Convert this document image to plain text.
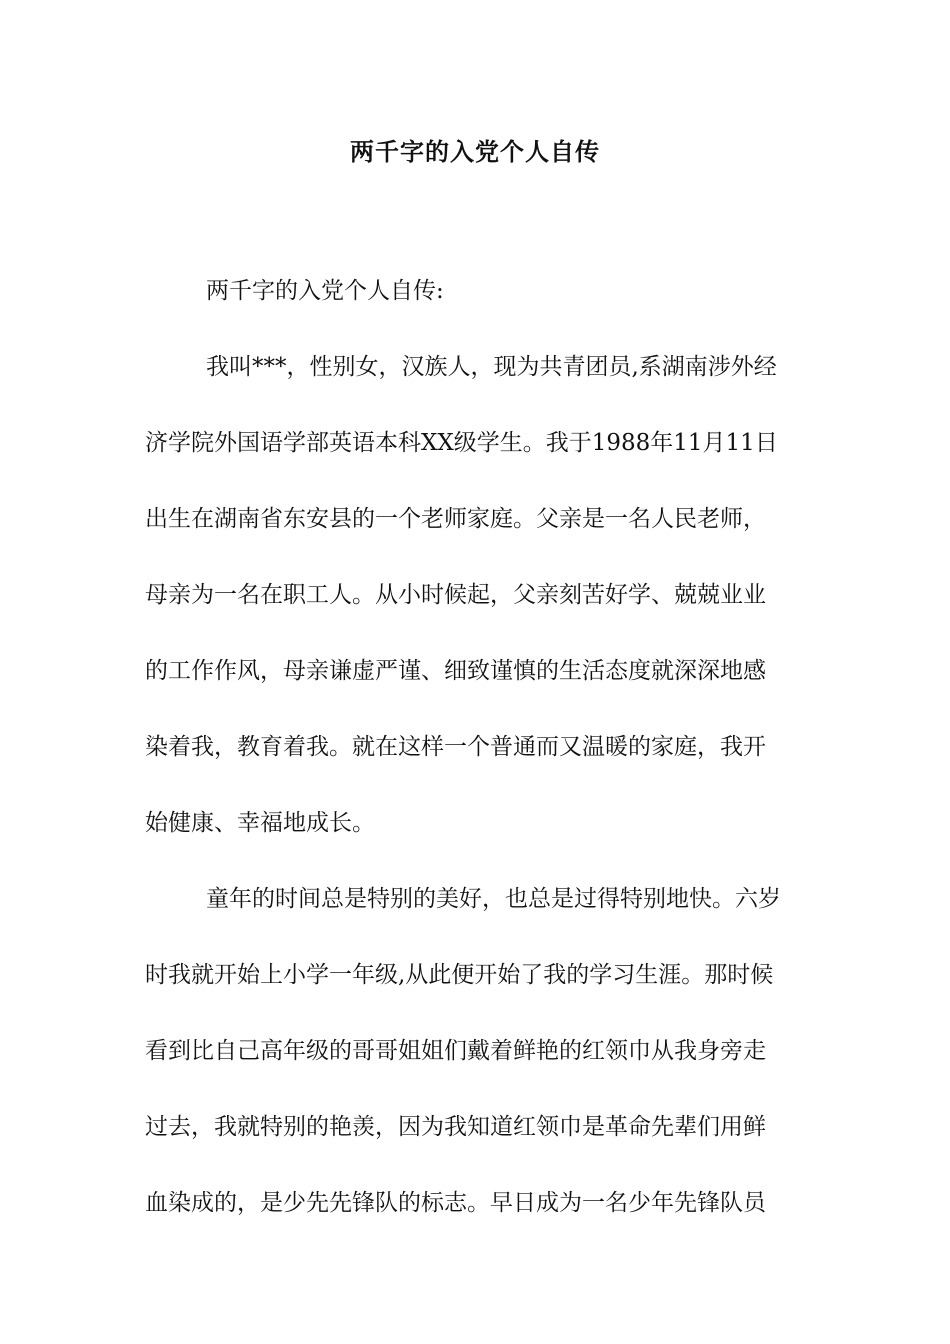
两千字的入党个人自传
两千字的入党个人自传:
我叫***，性别女，汉族人，现为共青团员,系湖南涉外经
济学院外国语学部英语本科XX级学生。我于1988年11月11日
出生在湖南省东安县的一个老师家庭。父亲是一名人民老师，
母亲为一名在职工人。从小时候起，父亲刻苦好学、兢兢业业
的工作作风，母亲谦虚严谨、细致谨慎的生活态度就深深地感
染着我，教育着我。就在这样一个普通而又温暖的家庭，我开
始健康、幸福地成长。
童年的时间总是特别的美好，也总是过得特别地快。六岁
时我就开始上小学一年级,从此便开始了我的学习生涯。那时候
看到比自己高年级的哥哥姐姐们戴着鲜艳的红领巾从我身旁走
过去，我就特别的艳羡，因为我知道红领巾是革命先辈们用鲜
血染成的，是少先先锋队的标志。早日成为一名少年先锋队员
